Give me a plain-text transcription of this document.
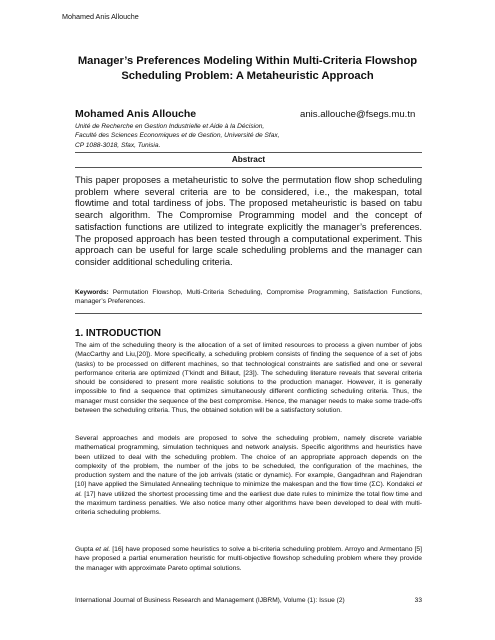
Mohamed Anis Allouche
Manager’s Preferences Modeling Within Multi-Criteria Flowshop
Scheduling Problem: A Metaheuristic Approach
Mohamed Anis Allouche	anis.allouche@fsegs.mu.tn
Unité de Recherche en Gestion Industrielle et Aide à la Décision,
Faculté des Sciences Economiques et de Gestion, Université de Sfax,
CP 1088-3018, Sfax, Tunisia.
Abstract
This paper proposes a metaheuristic to solve the permutation flow shop scheduling problem where several criteria are to be considered, i.e., the makespan, total flowtime and total tardiness of jobs. The proposed metaheuristic is based on tabu search algorithm. The Compromise Programming model and the concept of satisfaction functions are utilized to integrate explicitly the manager’s preferences. The proposed approach has been tested through a computational experiment. This approach can be useful for large scale scheduling problems and the manager can consider additional scheduling criteria.
Keywords: Permutation Flowshop, Multi-Criteria Scheduling, Compromise Programming, Satisfaction Functions, manager’s Preferences.
1. INTRODUCTION
The aim of the scheduling theory is the allocation of a set of limited resources to process a given number of jobs (MacCarthy and Liu,[20]). More specifically, a scheduling problem consists of finding the sequence of a set of jobs (tasks) to be processed on different machines, so that technological constraints are satisfied and one or several performance criteria are optimized (T'kindt and Billaut, [23]). The scheduling literature reveals that several criteria should be considered to present more realistic solutions to the production manager. However, it is generally impossible to find a sequence that optimizes simultaneously different conflicting scheduling criteria. Thus, the manager must consider the sequence of the best compromise. Hence, the manager needs to make some trade-offs between the scheduling criteria. Thus, the obtained solution will be a satisfactory solution.
Several approaches and models are proposed to solve the scheduling problem, namely discrete variable mathematical programming, simulation techniques and network analysis. Specific algorithms and heuristics have been utilized to deal with the scheduling problem. The choice of an appropriate approach depends on the complexity of the problem, the number of the jobs to be scheduled, the configuration of the machines, the production system and the nature of the job arrivals (static or dynamic). For example, Gangadhran and Rajendran [10] have applied the Simulated Annealing technique to minimize the makespan and the flow time (ΣC). Kondakci et al. [17] have utilized the shortest processing time and the earliest due date rules to minimize the total flow time and the maximum tardiness penalties. We also notice many other algorithms have been developed to deal with multi-criteria scheduling problems.
Gupta et al. [16] have proposed some heuristics to solve a bi-criteria scheduling problem. Arroyo and Armentano [5] have proposed a partial enumeration heuristic for multi-objective flowshop scheduling problem where they provide the manager with approximate Pareto optimal solutions.
International Journal of Business Research and Management (IJBRM), Volume (1): Issue (2)	33
